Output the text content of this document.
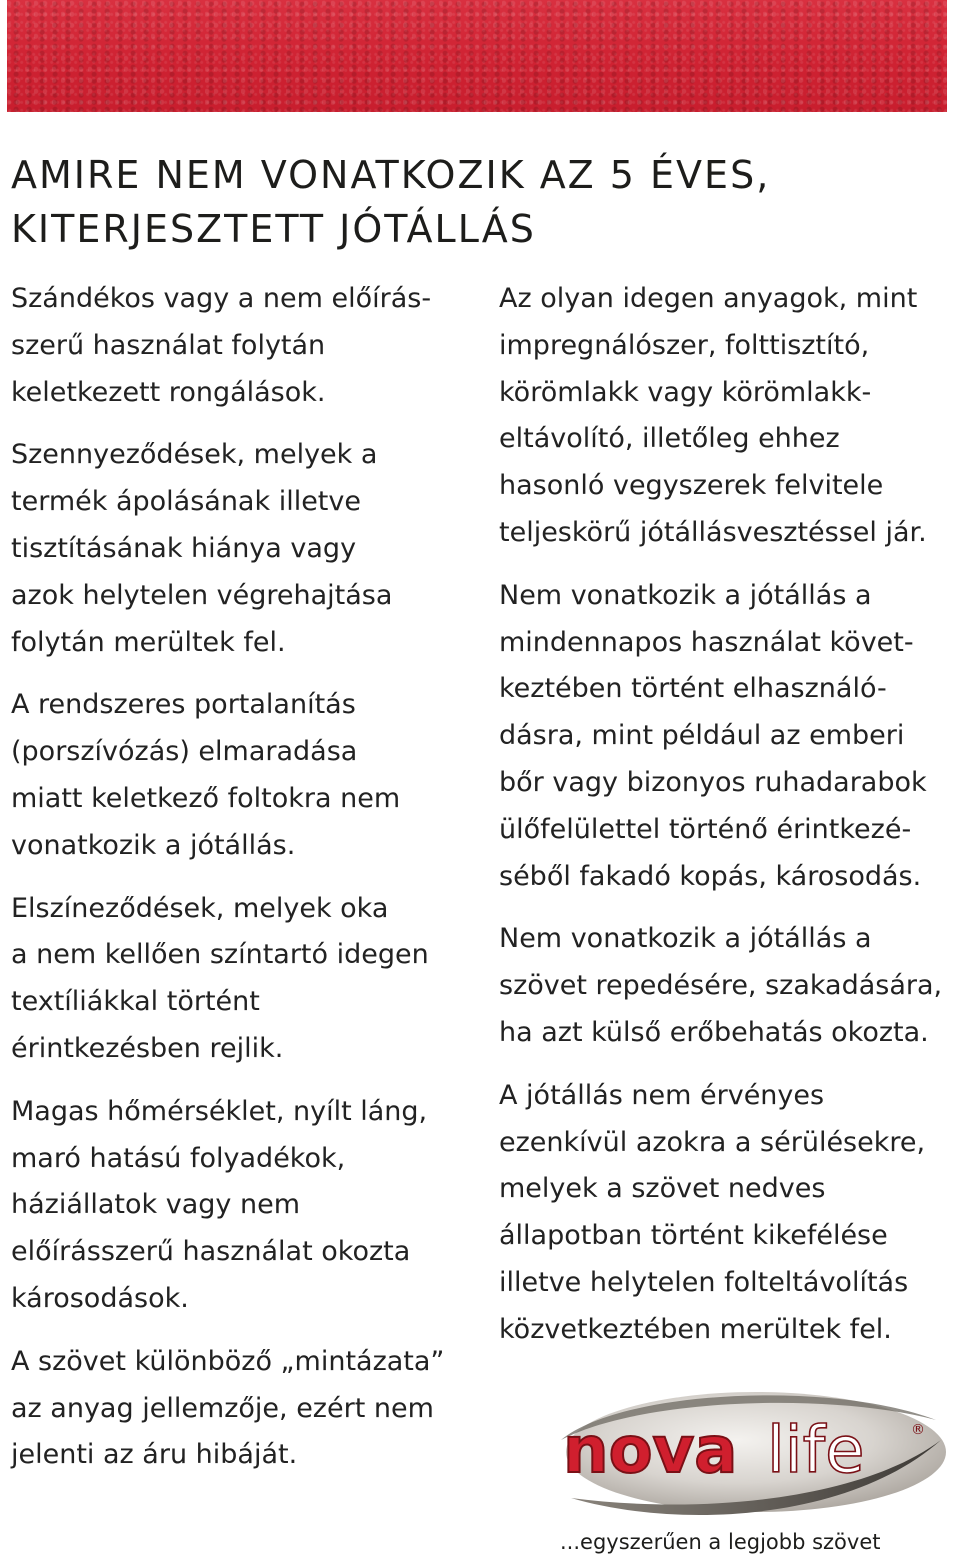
AMIRE NEM VONATKOZIK AZ 5 ÉVES,
KITERJESZTETT JÓTÁLLÁS

Szándékos vagy a nem előírás-
szerű használat folytán
keletkezett rongálások.

Szennyeződések, melyek a
termék ápolásának illetve
tisztításának hiánya vagy
azok helytelen végrehajtása
folytán merültek fel.

A rendszeres portalanítás
(porszívózás) elmaradása
miatt keletkező foltokra nem
vonatkozik a jótállás.

Elszíneződések, melyek oka
a nem kellően színtartó idegen
textíliákkal történt
érintkezésben rejlik.

Magas hőmérséklet, nyílt láng,
maró hatású folyadékok,
háziállatok vagy nem
előírásszerű használat okozta
károsodások.

A szövet különböző „mintázata”
az anyag jellemzője, ezért nem
jelenti az áru hibáját.

Az olyan idegen anyagok, mint
impregnálószer, folttisztító,
körömlakk vagy körömlakk-
eltávolító, illetőleg ehhez
hasonló vegyszerek felvitele
teljeskörű jótállásvesztéssel jár.

Nem vonatkozik a jótállás a
mindennapos használat követ-
keztében történt elhasználó-
dásra, mint például az emberi
bőr vagy bizonyos ruhadarabok
ülőfelülettel történő érintkezé-
séből fakadó kopás, károsodás.

Nem vonatkozik a jótállás a
szövet repedésére, szakadására,
ha azt külső erőbehatás okozta.

A jótállás nem érvényes
ezenkívül azokra a sérülésekre,
melyek a szövet nedves
állapotban történt kikefélése
illetve helytelen folteltávolítás
közvetkeztében merültek fel.

nova life	®
...egyszerűen a legjobb szövet
